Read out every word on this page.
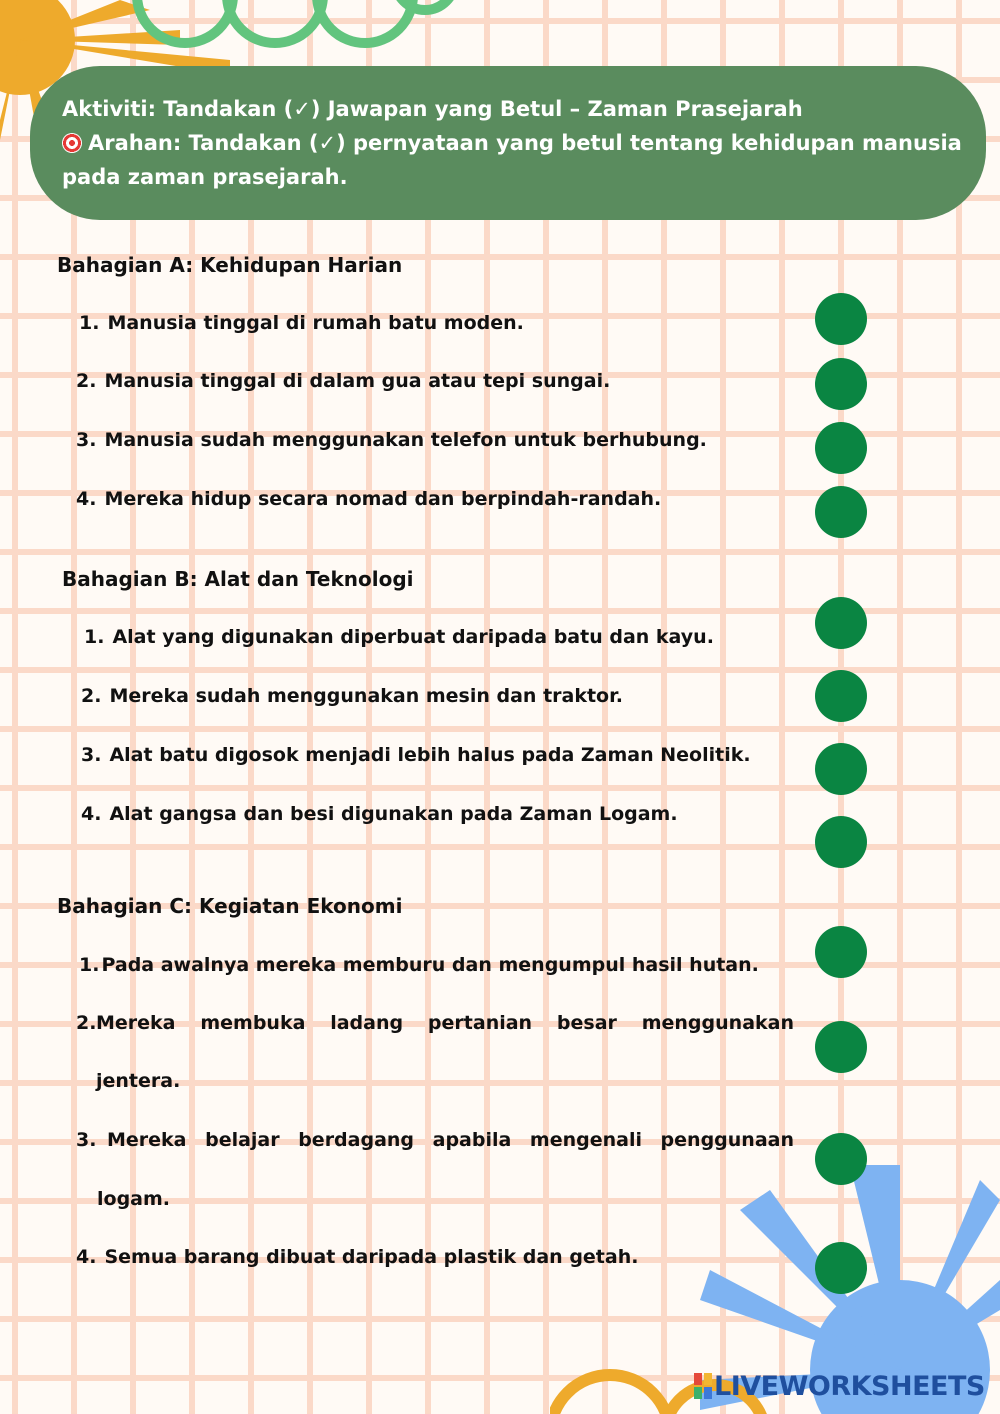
Aktiviti: Tandakan (✓) Jawapan yang Betul – Zaman Prasejarah
Arahan: Tandakan (✓) pernyataan yang betul tentang kehidupan manusia
pada zaman prasejarah.
Bahagian A: Kehidupan Harian
1. Manusia tinggal di rumah batu moden.
2. Manusia tinggal di dalam gua atau tepi sungai.
3. Manusia sudah menggunakan telefon untuk berhubung.
4. Mereka hidup secara nomad dan berpindah-randah.
Bahagian B: Alat dan Teknologi
1. Alat yang digunakan diperbuat daripada batu dan kayu.
2. Mereka sudah menggunakan mesin dan traktor.
3. Alat batu digosok menjadi lebih halus pada Zaman Neolitik.
4. Alat gangsa dan besi digunakan pada Zaman Logam.
Bahagian C: Kegiatan Ekonomi
1. Pada awalnya mereka memburu dan mengumpul hasil hutan.
2. Mereka membuka ladang pertanian besar menggunakan
jentera.
3. Mereka belajar berdagang apabila mengenali penggunaan
logam.
4. Semua barang dibuat daripada plastik dan getah.
LIVEWORKSHEETS
